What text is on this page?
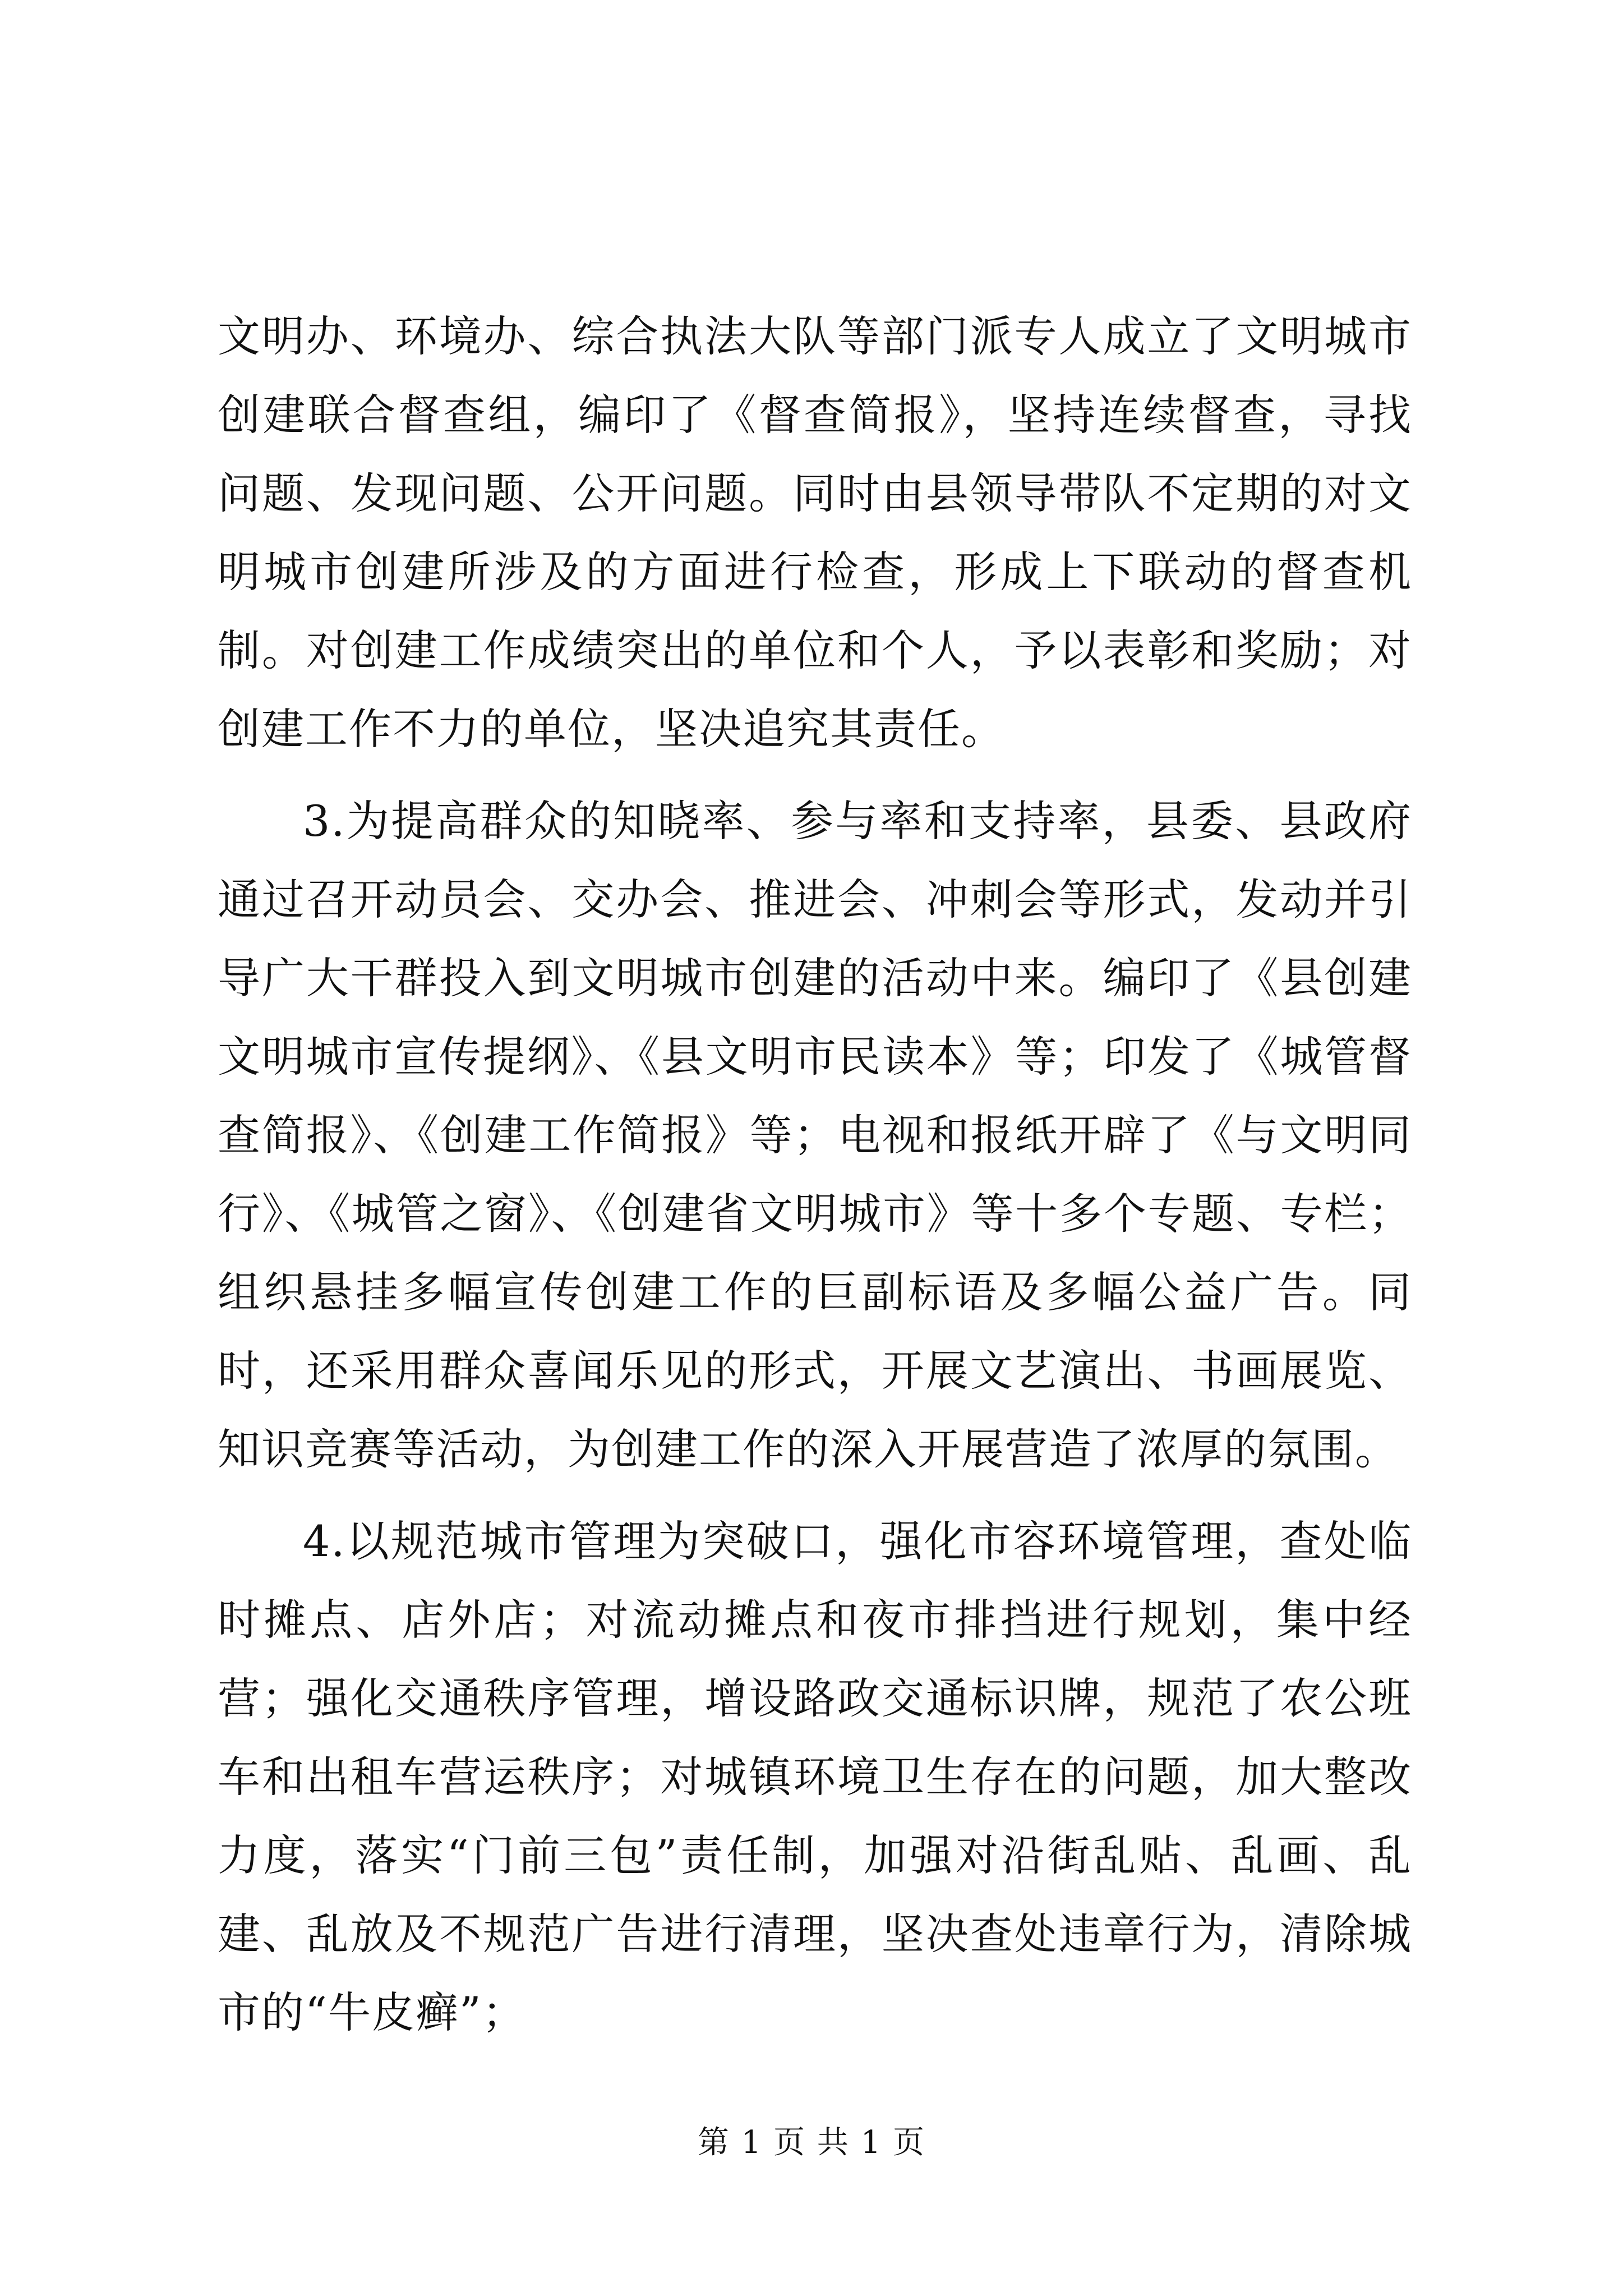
文明办、环境办、综合执法大队等部门派专人成立了文明城市创建联合督查组，编印了《督查简报》，坚持连续督查，寻找问题、发现问题、公开问题。同时由县领导带队不定期的对文明城市创建所涉及的方面进行检查，形成上下联动的督查机制。对创建工作成绩突出的单位和个人，予以表彰和奖励；对创建工作不力的单位，坚决追究其责任。

3.为提高群众的知晓率、参与率和支持率，县委、县政府通过召开动员会、交办会、推进会、冲刺会等形式，发动并引导广大干群投入到文明城市创建的活动中来。编印了《县创建文明城市宣传提纲》、《县文明市民读本》等；印发了《城管督查简报》、《创建工作简报》等；电视和报纸开辟了《与文明同行》、《城管之窗》、《创建省文明城市》等十多个专题、专栏；组织悬挂多幅宣传创建工作的巨副标语及多幅公益广告。同时，还采用群众喜闻乐见的形式，开展文艺演出、书画展览、知识竞赛等活动，为创建工作的深入开展营造了浓厚的氛围。

4.以规范城市管理为突破口，强化市容环境管理，查处临时摊点、店外店；对流动摊点和夜市排挡进行规划，集中经营；强化交通秩序管理，增设路政交通标识牌，规范了农公班车和出租车营运秩序；对城镇环境卫生存在的问题，加大整改力度，落实“门前三包”责任制，加强对沿街乱贴、乱画、乱建、乱放及不规范广告进行清理，坚决查处违章行为，清除城市的“牛皮癣”；

第 1 页 共 1 页
